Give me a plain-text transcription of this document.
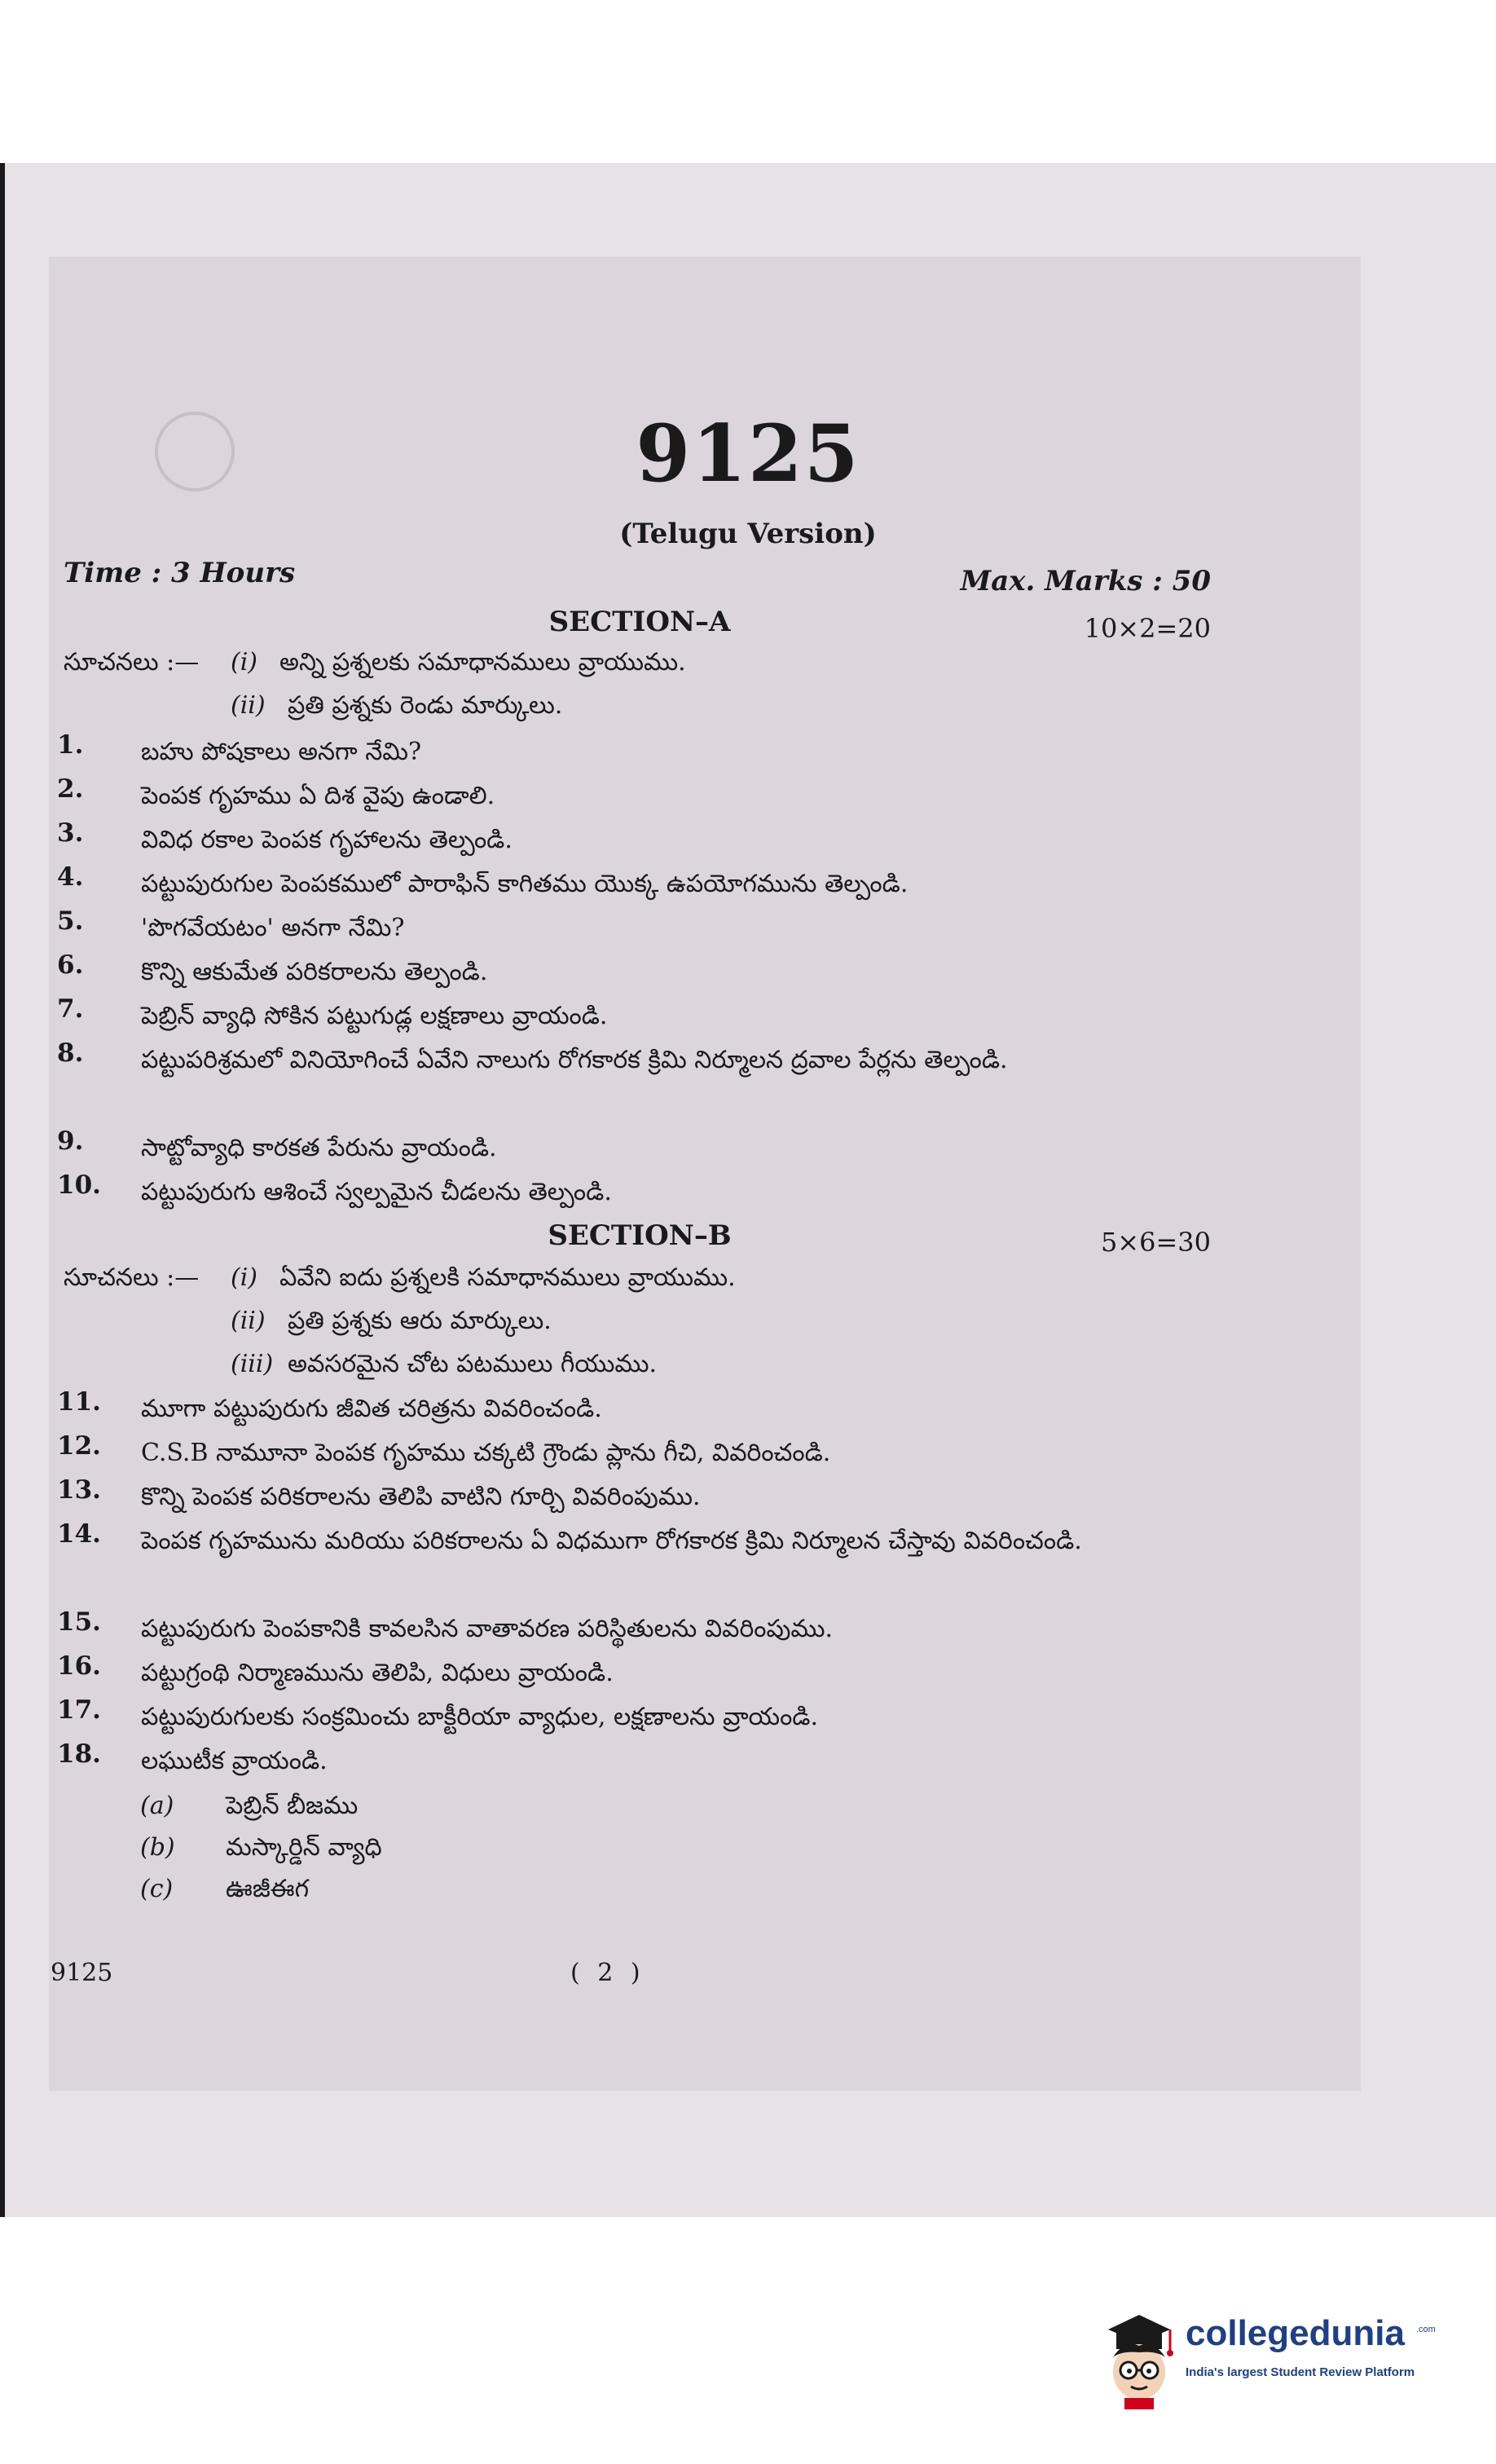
9125
(Telugu Version)
Time : 3 Hours	Max. Marks : 50
SECTION–A	10×2=20
సూచనలు :—	(i) అన్ని ప్రశ్నలకు సమాధానములు వ్రాయుము.
(ii) ప్రతి ప్రశ్నకు రెండు మార్కులు.
1.	బహు పోషకాలు అనగా నేమి?
2.	పెంపక గృహము ఏ దిశ వైపు ఉండాలి.
3.	వివిధ రకాల పెంపక గృహాలను తెల్పండి.
4.	పట్టుపురుగుల పెంపకములో పారాఫిన్ కాగితము యొక్క ఉపయోగమును తెల్పండి.
5.	'పొగవేయటం' అనగా నేమి?
6.	కొన్ని ఆకుమేత పరికరాలను తెల్పండి.
7.	పెబ్రిన్ వ్యాధి సోకిన పట్టుగుడ్ల లక్షణాలు వ్రాయండి.
8.	పట్టుపరిశ్రమలో వినియోగించే ఏవేని నాలుగు రోగకారక క్రిమి నిర్మూలన ద్రవాల పేర్లను తెల్పండి.
9.	సాట్టోవ్యాధి కారకత పేరును వ్రాయండి.
10.	పట్టుపురుగు ఆశించే స్వల్పమైన చీడలను తెల్పండి.
SECTION–B	5×6=30
సూచనలు :—	(i) ఏవేని ఐదు ప్రశ్నలకి సమాధానములు వ్రాయుము.
(ii) ప్రతి ప్రశ్నకు ఆరు మార్కులు.
(iii) అవసరమైన చోట పటములు గీయుము.
11.	మూగా పట్టుపురుగు జీవిత చరిత్రను వివరించండి.
12.	C.S.B నామూనా పెంపక గృహము చక్కటి గ్రౌండు ప్లాను గీచి, వివరించండి.
13.	కొన్ని పెంపక పరికరాలను తెలిపి వాటిని గూర్చి వివరింపుము.
14.	పెంపక గృహమును మరియు పరికరాలను ఏ విధముగా రోగకారక క్రిమి నిర్మూలన చేస్తావు వివరించండి.
15.	పట్టుపురుగు పెంపకానికి కావలసిన వాతావరణ పరిస్థితులను వివరింపుము.
16.	పట్టుగ్రంథి నిర్మాణమును తెలిపి, విధులు వ్రాయండి.
17.	పట్టుపురుగులకు సంక్రమించు బాక్టీరియా వ్యాధుల, లక్షణాలను వ్రాయండి.
18.	లఘుటీక వ్రాయండి.
(a)	పెబ్రిన్ బీజము
(b)	మస్కార్డిన్ వ్యాధి
(c)	ఊజీఈగ
9125	( 2 )
collegedunia .com
India's largest Student Review Platform
